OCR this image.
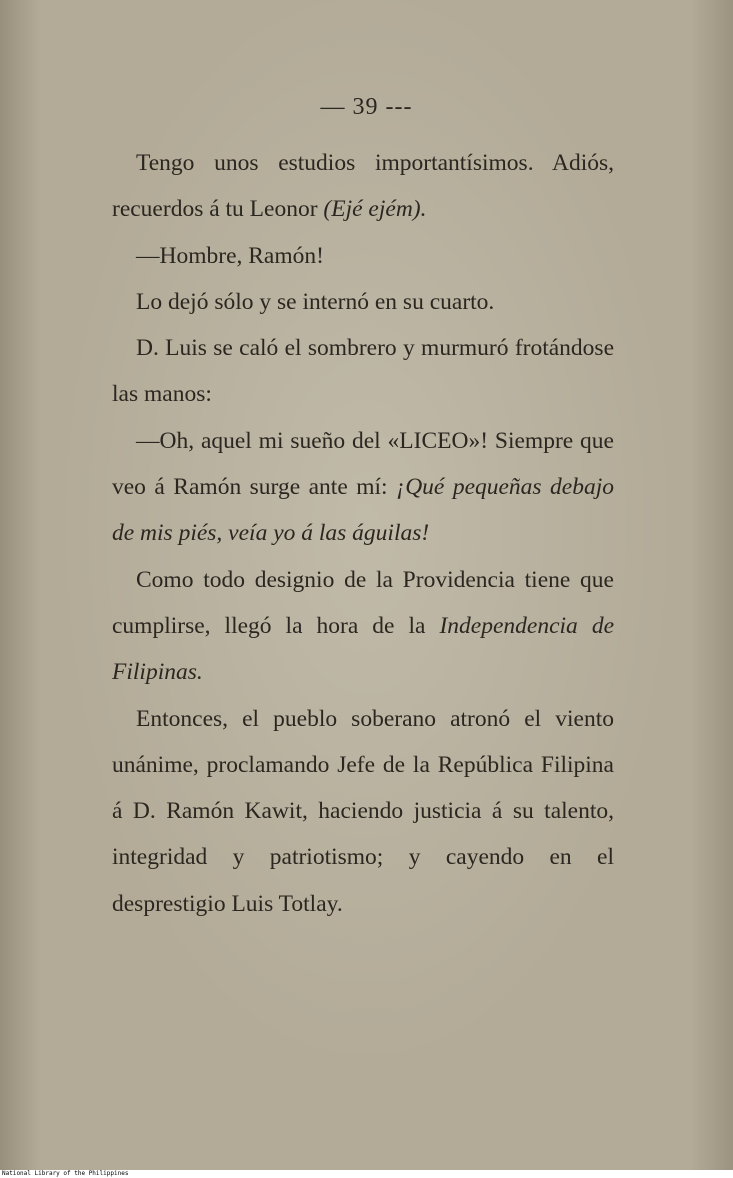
— 39 ---

Tengo unos estudios importantísimos. Adiós, recuerdos á tu Leonor (Ejé ejém).

—Hombre, Ramón!

Lo dejó sólo y se internó en su cuarto.

D. Luis se caló el sombrero y murmuró frotándose las manos:

—Oh, aquel mi sueño del «LICEO»! Siempre que veo á Ramón surge ante mí: ¡Qué pequeñas debajo de mis piés, veía yo á las águilas!

Como todo designio de la Providencia tiene que cumplirse, llegó la hora de la Independencia de Filipinas.

Entonces, el pueblo soberano atronó el viento unánime, proclamando Jefe de la República Filipina á D. Ramón Kawit, haciendo justicia á su talento, integridad y patriotismo; y cayendo en el desprestigio Luis Totlay.

National Library of the Philippines
